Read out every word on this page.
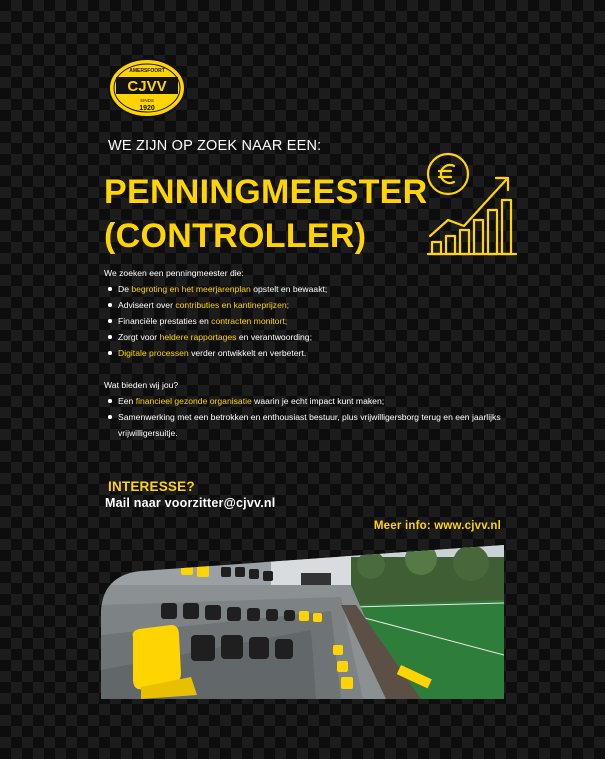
AMERSFOORT
CJVV
SINDS
1920
WE ZIJN OP ZOEK NAAR EEN:
PENNINGMEESTER
(CONTROLLER)

We zoeken een penningmeester die:

De begroting en het meerjarenplan opstelt en bewaakt;
Adviseert over contributies en kantineprijzen;
Financiële prestaties en contracten monitort;
Zorgt voor heldere rapportages en verantwoording;
Digitale processen verder ontwikkelt en verbetert.

Wat bieden wij jou?

Een financieel gezonde organisatie waarin je echt impact kunt maken;
Samenwerking met een betrokken en enthousiast bestuur, plus vrijwilligersborg terug en een jaarlijks vrijwilligersuitje.
INTERESSE?
Mail naar voorzitter@cjvv.nl
Meer info: www.cjvv.nl
